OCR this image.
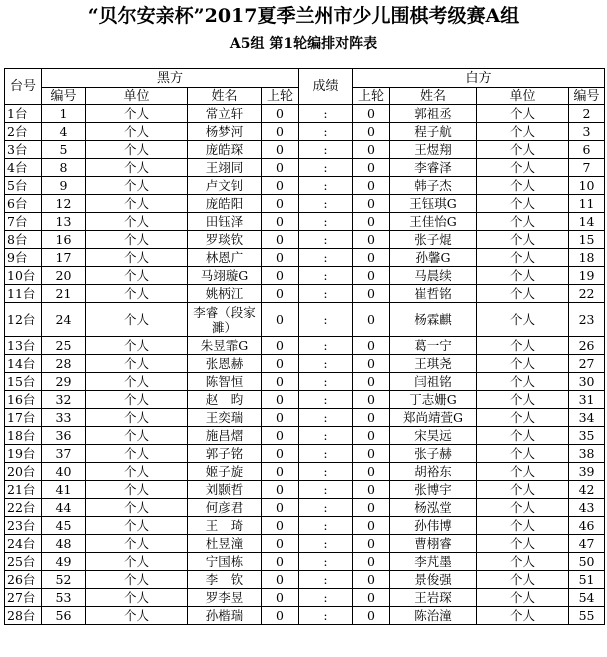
“贝尔安亲杯”2017夏季兰州市少儿围棋考级赛A组
A5组 第1轮编排对阵表
台号	黑方				成绩	白方			
	编号	单位	姓名	上轮		上轮	姓名	单位	编号
1台	1	个人	常立轩	0	:	0	郭祖丞	个人	2
2台	4	个人	杨梦河	0	:	0	程子航	个人	3
3台	5	个人	庞皓琛	0	:	0	王煜翔	个人	6
4台	8	个人	王翊同	0	:	0	李睿泽	个人	7
5台	9	个人	卢文钊	0	:	0	韩子杰	个人	10
6台	12	个人	庞皓阳	0	:	0	王钰琪G	个人	11
7台	13	个人	田钰泽	0	:	0	王佳怡G	个人	14
8台	16	个人	罗琰钦	0	:	0	张子焜	个人	15
9台	17	个人	林恩广	0	:	0	孙馨G	个人	18
10台	20	个人	马翊璇G	0	:	0	马晨续	个人	19
11台	21	个人	姚柄江	0	:	0	崔哲铭	个人	22
12台	24	个人	李睿（段家濉）	0	:	0	杨霖麒	个人	23
13台	25	个人	朱昱霏G	0	:	0	葛一宁	个人	26
14台	28	个人	张恩赫	0	:	0	王琪尧	个人	27
15台	29	个人	陈智恒	0	:	0	闫祖铭	个人	30
16台	32	个人	赵　昀	0	:	0	丁志姗G	个人	31
17台	33	个人	王奕瑞	0	:	0	郑尚靖萱G	个人	34
18台	36	个人	施昌熠	0	:	0	宋昊远	个人	35
19台	37	个人	郭子铭	0	:	0	张子赫	个人	38
20台	40	个人	姬子旋	0	:	0	胡裕东	个人	39
21台	41	个人	刘颢哲	0	:	0	张博宇	个人	42
22台	44	个人	何彦君	0	:	0	杨泓堂	个人	43
23台	45	个人	王　琦	0	:	0	孙伟博	个人	46
24台	48	个人	杜昱潼	0	:	0	曹栩睿	个人	47
25台	49	个人	宁国栋	0	:	0	李芃墨	个人	50
26台	52	个人	李　钦	0	:	0	景俊强	个人	51
27台	53	个人	罗李昱	0	:	0	王岩琛	个人	54
28台	56	个人	孙楷瑞	0	:	0	陈治潼	个人	55
